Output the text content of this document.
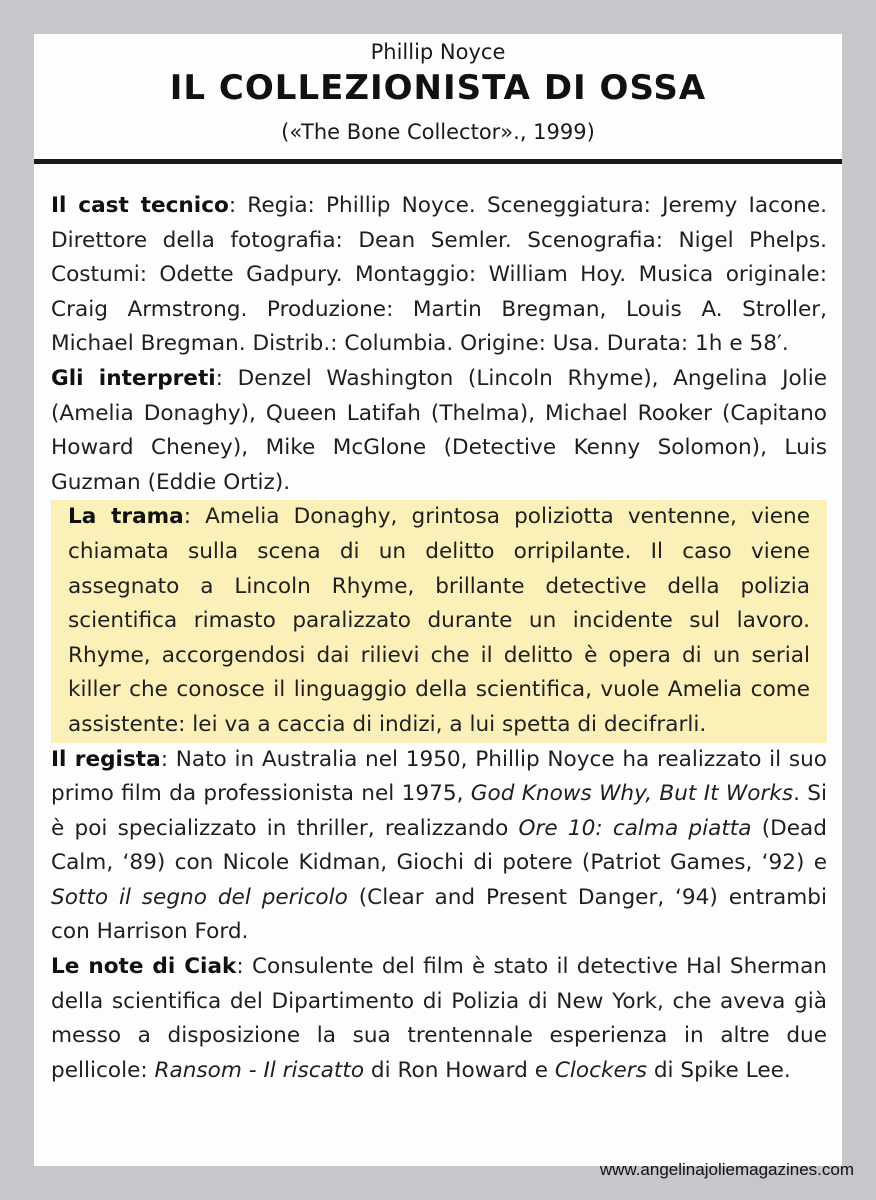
Phillip Noyce
IL COLLEZIONISTA DI OSSA
(«The Bone Collector»., 1999)

Il cast tecnico: Regia: Phillip Noyce. Sceneggiatura: Jeremy Iacone. Direttore della fotografia: Dean Semler. Scenografia: Nigel Phelps. Costumi: Odette Gadpury. Montaggio: William Hoy. Musica originale: Craig Armstrong. Produzione: Martin Bregman, Louis A. Stroller, Michael Bregman. Distrib.: Columbia. Origine: Usa. Durata: 1h e 58′.

Gli interpreti: Denzel Washington (Lincoln Rhyme), Angelina Jolie (Amelia Donaghy), Queen Latifah (Thelma), Michael Rooker (Capitano Howard Cheney), Mike McGlone (Detective Kenny Solomon), Luis Guzman (Eddie Ortiz).

La trama: Amelia Donaghy, grintosa poliziotta ventenne, viene chiamata sulla scena di un delitto orripilante. Il caso viene assegnato a Lincoln Rhyme, brillante detective della polizia scientifica rimasto paralizzato durante un incidente sul lavoro. Rhyme, accorgendosi dai rilievi che il delitto è opera di un serial killer che conosce il linguaggio della scientifica, vuole Amelia come assistente: lei va a caccia di indizi, a lui spetta di decifrarli.

Il regista: Nato in Australia nel 1950, Phillip Noyce ha realizzato il suo primo film da professionista nel 1975, God Knows Why, But It Works. Si è poi specializzato in thriller, realizzando Ore 10: calma piatta (Dead Calm, ‘89) con Nicole Kidman, Giochi di potere (Patriot Games, ‘92) e Sotto il segno del pericolo (Clear and Present Danger, ‘94) entrambi con Harrison Ford.

Le note di Ciak: Consulente del film è stato il detective Hal Sherman della scientifica del Dipartimento di Polizia di New York, che aveva già messo a disposizione la sua trentennale esperienza in altre due pellicole: Ransom - Il riscatto di Ron Howard e Clockers di Spike Lee.

www.angelinajoliemagazines.com
